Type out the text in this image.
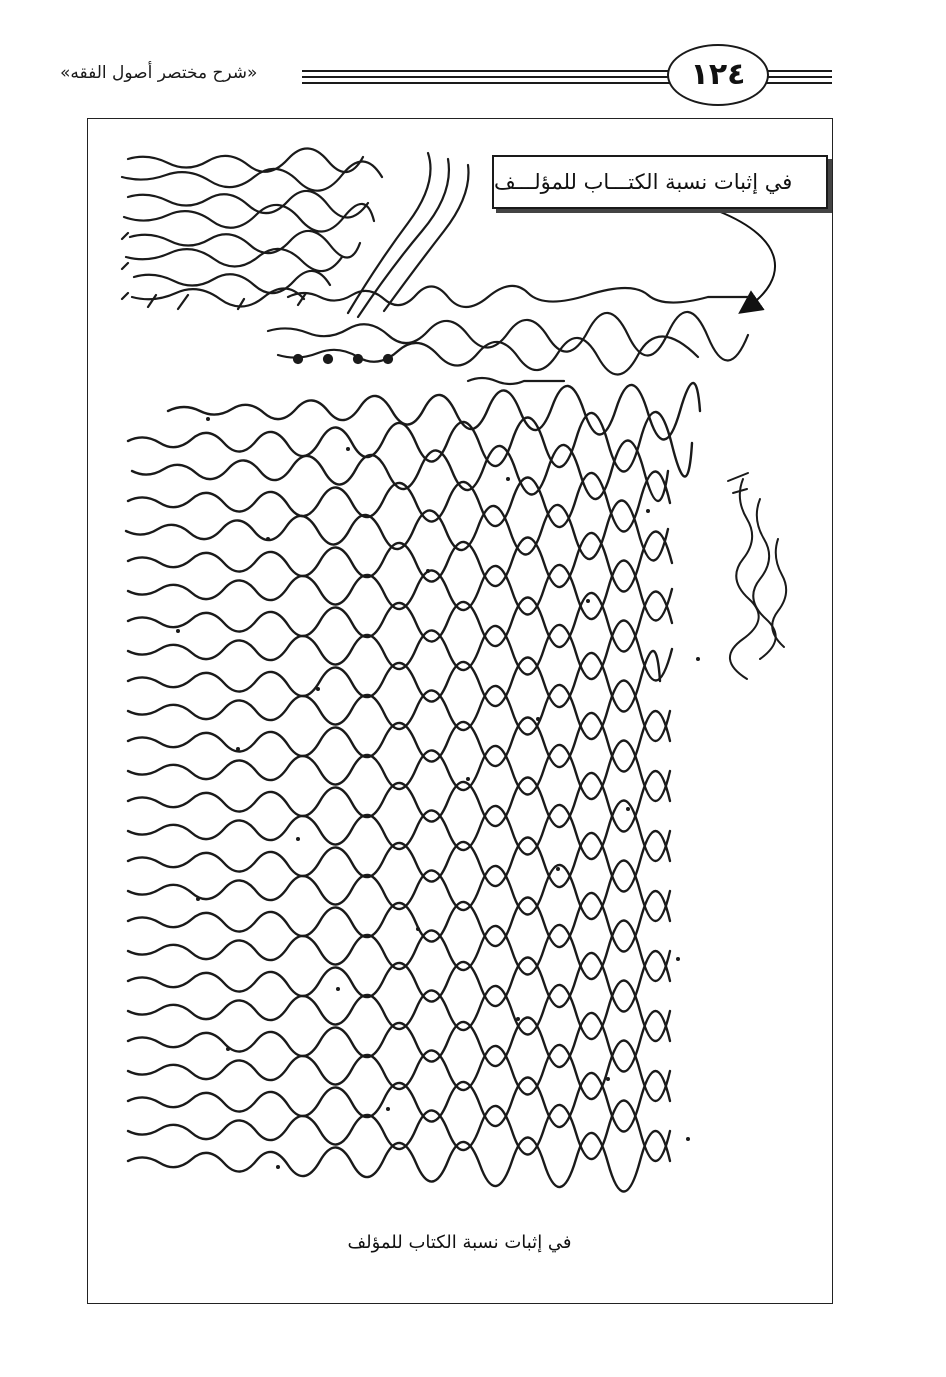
«شرح مختصر أصول الفقه»	١٢٤
في إثبات نسبة الكتـــاب للمؤلـــف
في إثبات نسبة الكتاب للمؤلف
